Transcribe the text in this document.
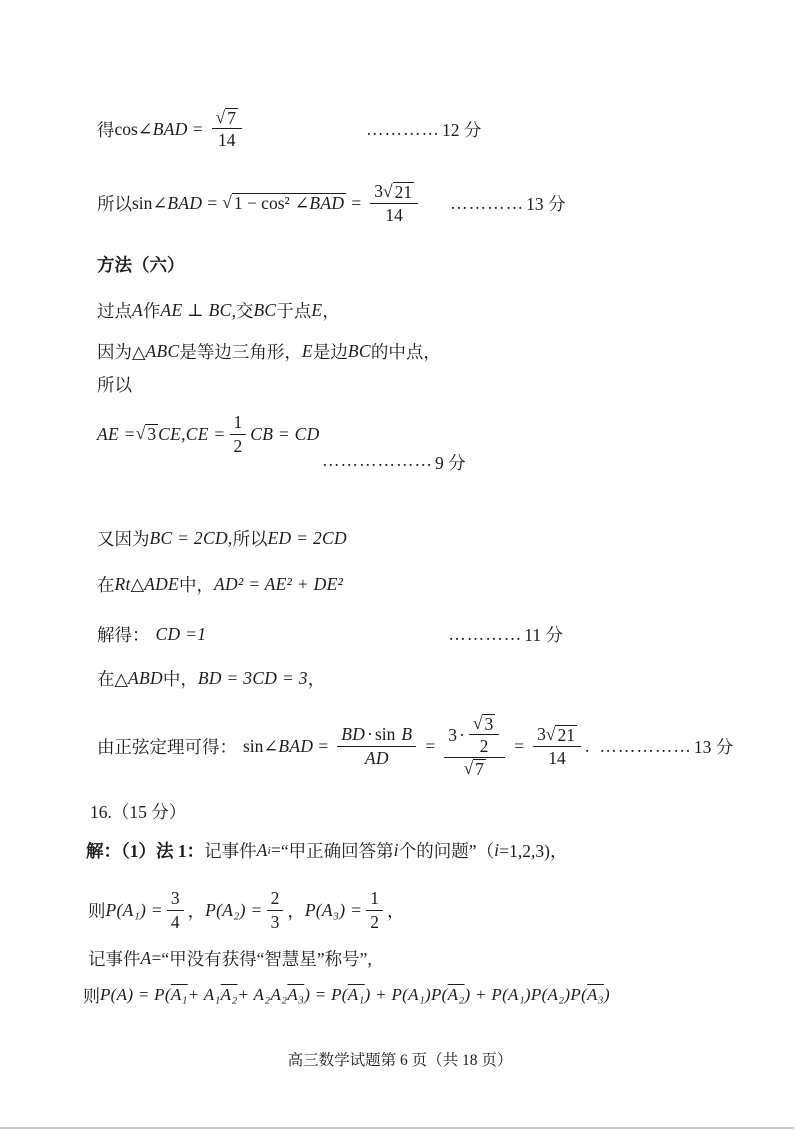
得 cos ∠BAD = $\frac{√ 7}{14}$	………… 12 分
所以 sin ∠BAD = √ 1 − cos² ∠BAD = $\frac{3 √ 21}{14}$ ………… 13 分
方法（六）
过点 A 作 AE ⊥ BC ,交 BC 于点 E ，
因为△ ABC 是等边三角形， E 是边 BC 的中点，
所以
AE = √ 3 $CE,CE = \frac{1}{2}$ CB = CD
……………… 9 分
又因为 BC = 2CD, 所以 ED = 2CD
在 Rt △ ADE 中， AD² = AE² + DE²
解得： CD =1	………… 11 分
在△ ABD 中， BD = 3CD = 3 ，
由正弦定理可得： sin ∠BAD = $\frac{\text{BD · sin B}}{AD} = \frac{3 \cdot \frac{√ 3}{2}}{√ 7} = \frac{3 √ 21}{14}$ . …………… 13 分
16.（15 分）
解：（1）法 1： 记事件 A i = “甲正确回答第 i 个的问题” （ i =1,2,3)，
则 $P(A_1) = \frac{3}{4}$ ， $P(A_2) = \frac{2}{3}$ ， $P(A_3) = \frac{1}{2}$ ，
记事件 A = “甲没有获得“智慧星”称号”,
则 P(A) = P( A₁ + A₁ A₂ + A₂A₂ A₃ ) = P( A₁ ) + P(A₁)P( A₂ ) + P(A₁)P(A₂)P( A₃ )
高三数学试题第 6 页（共 18 页）
